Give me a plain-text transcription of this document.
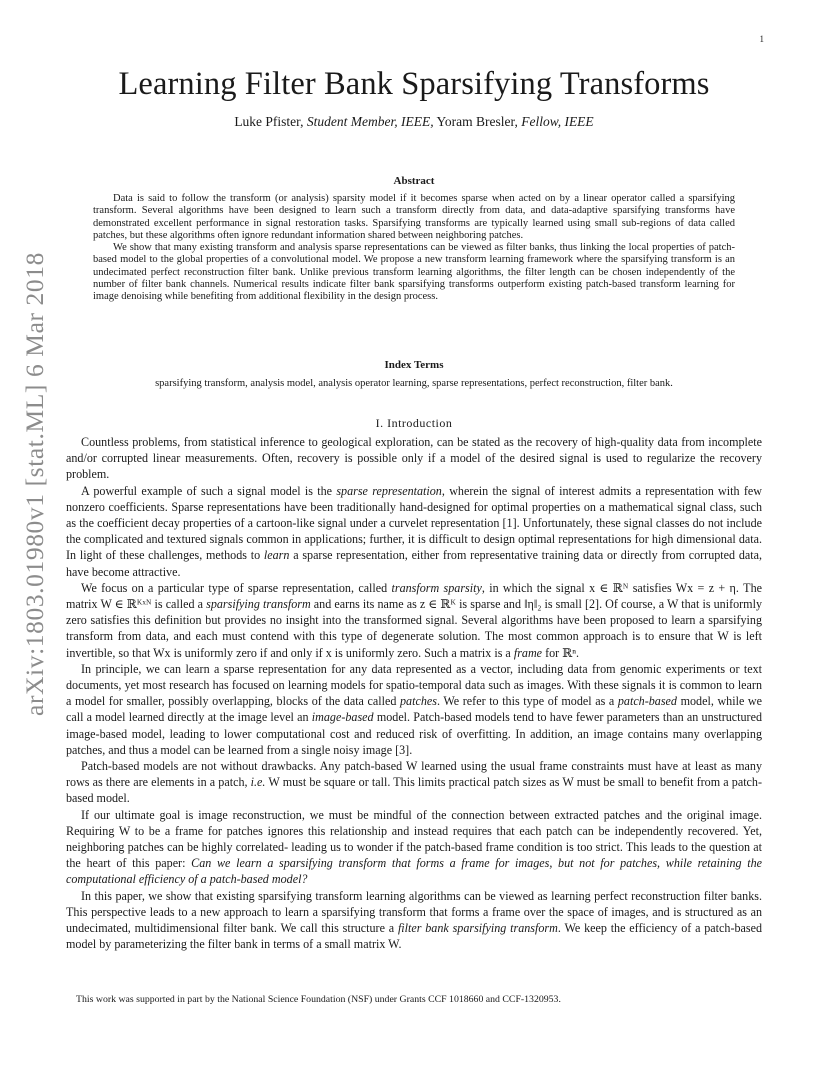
1
arXiv:1803.01980v1 [stat.ML] 6 Mar 2018
Learning Filter Bank Sparsifying Transforms
Luke Pfister, Student Member, IEEE, Yoram Bresler, Fellow, IEEE
Abstract

Data is said to follow the transform (or analysis) sparsity model if it becomes sparse when acted on by a linear operator called a sparsifying transform. Several algorithms have been designed to learn such a transform directly from data, and data-adaptive sparsifying transforms have demonstrated excellent performance in signal restoration tasks. Sparsifying transforms are typically learned using small sub-regions of data called patches, but these algorithms often ignore redundant information shared between neighboring patches.

We show that many existing transform and analysis sparse representations can be viewed as filter banks, thus linking the local properties of patch-based model to the global properties of a convolutional model. We propose a new transform learning framework where the sparsifying transform is an undecimated perfect reconstruction filter bank. Unlike previous transform learning algorithms, the filter length can be chosen independently of the number of filter bank channels. Numerical results indicate filter bank sparsifying transforms outperform existing patch-based transform learning for image denoising while benefiting from additional flexibility in the design process.

Index Terms
sparsifying transform, analysis model, analysis operator learning, sparse representations, perfect reconstruction, filter bank.
I. Introduction

Countless problems, from statistical inference to geological exploration, can be stated as the recovery of high-quality data from incomplete and/or corrupted linear measurements. Often, recovery is possible only if a model of the desired signal is used to regularize the recovery problem.

A powerful example of such a signal model is the sparse representation, wherein the signal of interest admits a representation with few nonzero coefficients. Sparse representations have been traditionally hand-designed for optimal properties on a mathematical signal class, such as the coefficient decay properties of a cartoon-like signal under a curvelet representation [1]. Unfortunately, these signal classes do not include the complicated and textured signals common in applications; further, it is difficult to design optimal representations for high dimensional data. In light of these challenges, methods to learn a sparse representation, either from representative training data or directly from corrupted data, have become attractive.

We focus on a particular type of sparse representation, called transform sparsity, in which the signal x ∈ ℝᴺ satisfies Wx = z + η. The matrix W ∈ ℝᴷˣᴺ is called a sparsifying transform and earns its name as z ∈ ℝᴷ is sparse and ‖η‖₂ is small [2]. Of course, a W that is uniformly zero satisfies this definition but provides no insight into the transformed signal. Several algorithms have been proposed to learn a sparsifying transform from data, and each must contend with this type of degenerate solution. The most common approach is to ensure that W is left invertible, so that Wx is uniformly zero if and only if x is uniformly zero. Such a matrix is a frame for ℝⁿ.

In principle, we can learn a sparse representation for any data represented as a vector, including data from genomic experiments or text documents, yet most research has focused on learning models for spatio-temporal data such as images. With these signals it is common to learn a model for smaller, possibly overlapping, blocks of the data called patches. We refer to this type of model as a patch-based model, while we call a model learned directly at the image level an image-based model. Patch-based models tend to have fewer parameters than an unstructured image-based model, leading to lower computational cost and reduced risk of overfitting. In addition, an image contains many overlapping patches, and thus a model can be learned from a single noisy image [3].

Patch-based models are not without drawbacks. Any patch-based W learned using the usual frame constraints must have at least as many rows as there are elements in a patch, i.e. W must be square or tall. This limits practical patch sizes as W must be small to benefit from a patch-based model.

If our ultimate goal is image reconstruction, we must be mindful of the connection between extracted patches and the original image. Requiring W to be a frame for patches ignores this relationship and instead requires that each patch can be independently recovered. Yet, neighboring patches can be highly correlated- leading us to wonder if the patch-based frame condition is too strict. This leads to the question at the heart of this paper: Can we learn a sparsifying transform that forms a frame for images, but not for patches, while retaining the computational efficiency of a patch-based model?

In this paper, we show that existing sparsifying transform learning algorithms can be viewed as learning perfect reconstruction filter banks. This perspective leads to a new approach to learn a sparsifying transform that forms a frame over the space of images, and is structured as an undecimated, multidimensional filter bank. We call this structure a filter bank sparsifying transform. We keep the efficiency of a patch-based model by parameterizing the filter bank in terms of a small matrix W.

This work was supported in part by the National Science Foundation (NSF) under Grants CCF 1018660 and CCF-1320953.
